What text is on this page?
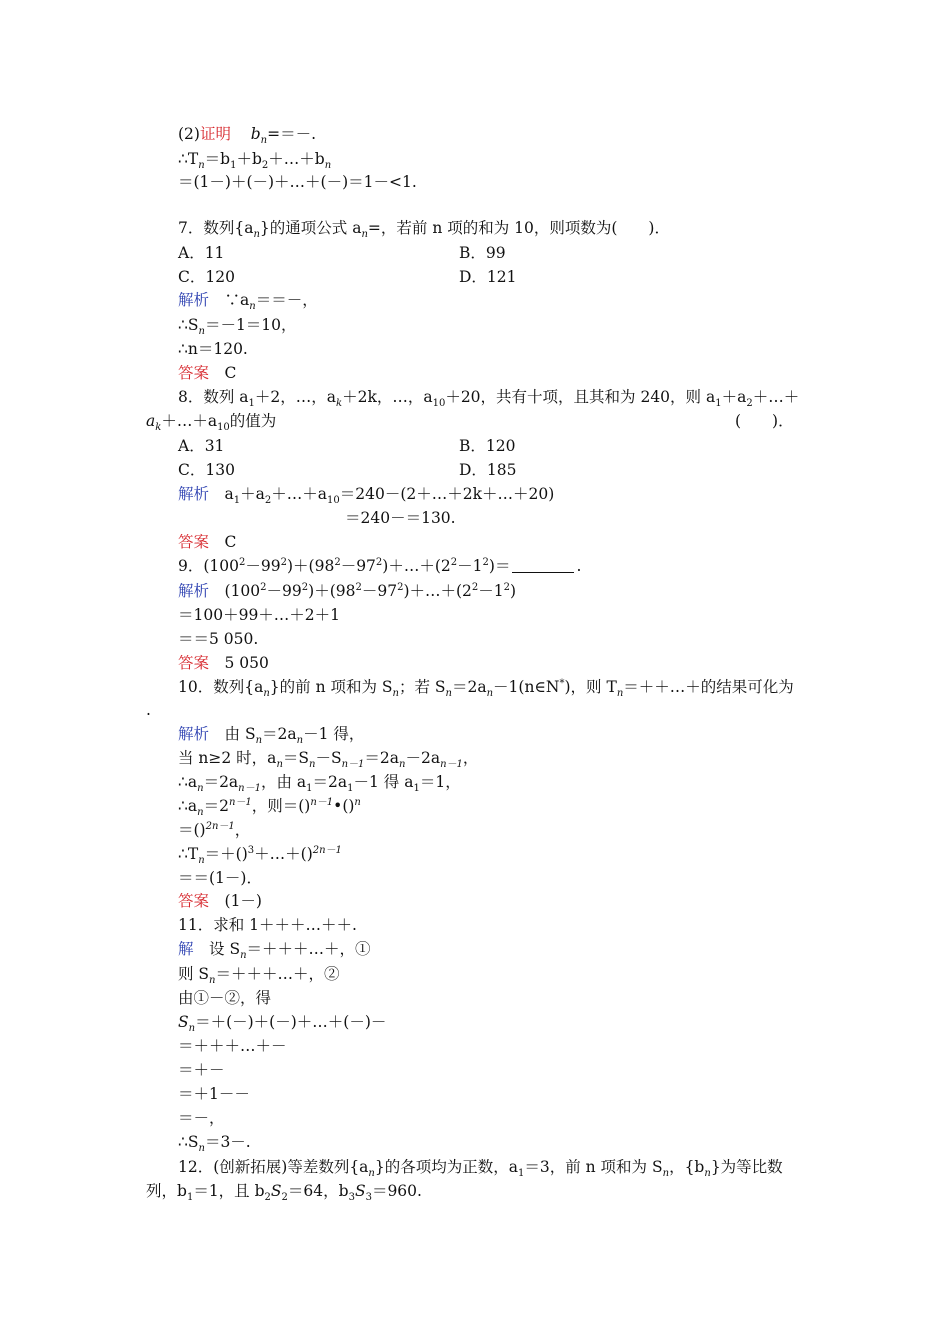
(2)证明 $b_n==-$.
$\therefore T_n=b_1+b_2+\dots+b_n$
＝(1－)＋(－)＋…＋(－)＝1－<1.
7．数列$\{a_n\}$的通项公式 $a_n=$，若前 n 项的和为 10，则项数为(　　)．
A．11	B．99
C．120	D．121
解析　$\because a_n==-$，
$\therefore S_n=-1=10$，
∴n＝120.
答案　C
8．数列 $a_1+2$，…，$a_k+2k$，…，$a_{10}+20$，共有十项，且其和为 240，则 $a_1+a_2+\dots+$
$a_k+\dots+a_{10}$的值为	(　　)．
A．31	B．120
C．130	D．185
解析　$a_1+a_2+\dots+a_{10}=240-(2+\dots+2k+\dots+20)$
＝240－＝130.
答案　C
9．$(100^2-99^2)+(98^2-97^2)+\dots+(2^2-1^2)=$	.
解析　$(100^2-99^2)+(98^2-97^2)+\dots+(2^2-1^2)$
＝100＋99＋…＋2＋1
＝＝5 050.
答案　5 050
10．数列$\{a_n\}$的前 n 项和为 $S_n$；若 $S_n=2a_n-1(n\in N^*)$，则 $T_n=++\dots+$的结果可化为
.
解析　由 $S_n=2a_n-1$ 得，
当 n≥2 时，$a_n=S_n-S_{n-1}=2a_n-2a_{n-1}$，
$\therefore a_n=2a_{n-1}$，由 $a_1=2a_1-1$ 得 $a_1=1$，
$\therefore a_n=2^{n-1}$，则＝()$^{n-1}$•()$^n$
＝()$^{2n-1}$，
$\therefore T_n=+()^3+\dots+()^{2n-1}$
＝＝(1－)．
答案　(1－)
11．求和 1＋＋＋…＋＋.
解　设 $S_n=+++\dots+$，①
则 $S_n=+++\dots+$，②
由①－②，得
$S_n=+(-)+(-)+\dots+(-)-$
＝＋＋＋…＋－
＝＋－
＝＋1－－
＝－，
$\therefore S_n=3-$.
12．(创新拓展)等差数列$\{a_n\}$的各项均为正数，$a_1=3$，前 n 项和为 $S_n$，$\{b_n\}$为等比数
列，$b_1=1$，且 $b_2S_2=64$，$b_3S_3=960$.
